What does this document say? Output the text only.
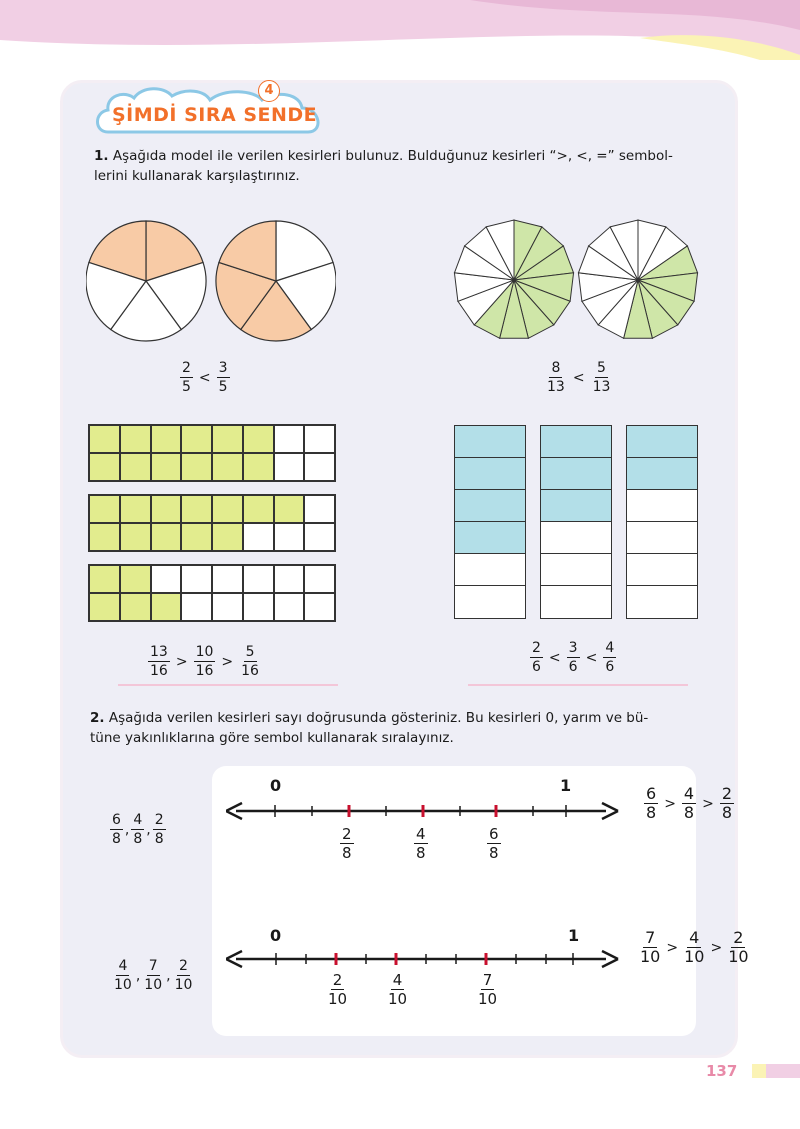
ŞİMDİ SIRA SENDE
4
1. Aşağıda model ile verilen kesirleri bulunuz. Bulduğunuz kesirleri “>, <, =” sembol-
lerini kullanarak karşılaştırınız.
$\frac{2}{5} < \frac{3}{5}$	$\frac{8}{13} < \frac{5}{13}$
$\frac{13}{16} > \frac{10}{16} > \frac{5}{16}$	$\frac{2}{6} < \frac{3}{6} < \frac{4}{6}$
2. Aşağıda verilen kesirleri sayı doğrusunda gösteriniz. Bu kesirleri 0, yarım ve bü-
tüne yakınlıklarına göre sembol kullanarak sıralayınız.
$\frac{6}{8}$ , $\frac{4}{8}$ , $\frac{2}{8}$
0	1
$\frac{2}{8}$	$\frac{4}{8}$	$\frac{6}{8}$
$\frac{6}{8} > \frac{4}{8} > \frac{2}{8}$
$\frac{4}{10}$ , $\frac{7}{10}$ , $\frac{2}{10}$
0	1
$\frac{2}{10} \frac{4}{10}$	$\frac{7}{10}$
$\frac{7}{10} > \frac{4}{10} > \frac{2}{10}$
137
